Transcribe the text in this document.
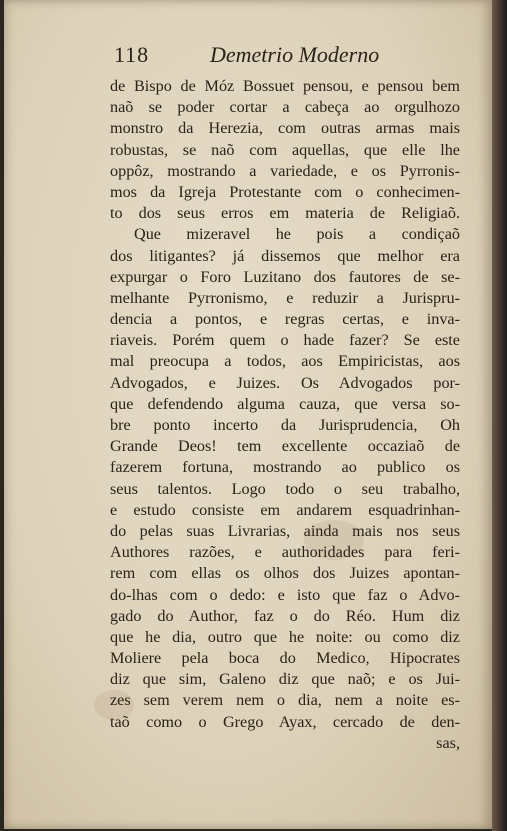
118	Demetrio Moderno
de Bispo de Móz Bossuet pensou, e pensou bem
naõ se poder cortar a cabeça ao orgulhozo
monstro da Herezia, com outras armas mais
robustas, se naõ com aquellas, que elle lhe
oppôz, mostrando a variedade, e os Pyrronis-
mos da Igreja Protestante com o conhecimen-
to dos seus erros em materia de Religiaõ.
Que mizeravel he pois a condiçaõ
dos litigantes? já dissemos que melhor era
expurgar o Foro Luzitano dos fautores de se-
melhante Pyrronismo, e reduzir a Jurispru-
dencia a pontos, e regras certas, e inva-
riaveis. Porém quem o hade fazer? Se este
mal preocupa a todos, aos Empiricistas, aos
Advogados, e Juizes. Os Advogados por-
que defendendo alguma cauza, que versa so-
bre ponto incerto da Jurisprudencia, Oh
Grande Deos! tem excellente occaziaõ de
fazerem fortuna, mostrando ao publico os
seus talentos. Logo todo o seu trabalho,
e estudo consiste em andarem esquadrinhan-
do pelas suas Livrarias, ainda mais nos seus
Authores razões, e authoridades para feri-
rem com ellas os olhos dos Juizes apontan-
do-lhas com o dedo: e isto que faz o Advo-
gado do Author, faz o do Réo. Hum diz
que he dia, outro que he noite: ou como diz
Moliere pela boca do Medico, Hipocrates
diz que sim, Galeno diz que naõ; e os Jui-
zes sem verem nem o dia, nem a noite es-
taõ como o Grego Ayax, cercado de den-
sas,
